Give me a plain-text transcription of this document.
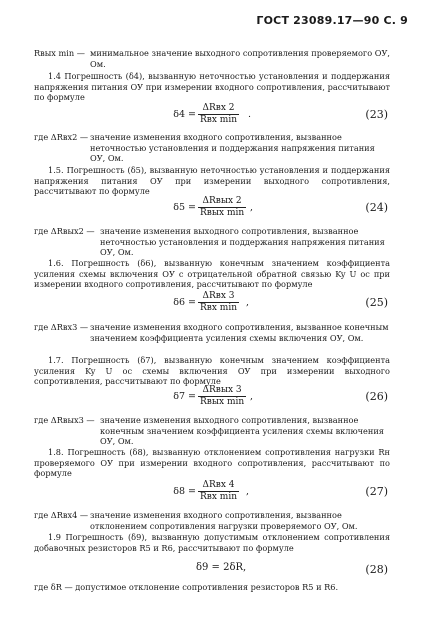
ГОСТ 23089.17—90 С. 9
Rвых min — минимальное значение выходного сопротивления проверяемого ОУ, Ом.
1.4 Погрешность (δ4), вызванную неточностью установления и поддержания напряжения питания ОУ при измерении входного сопротивления, рассчитывают по формуле
δ4 =
ΔRвх 2
Rвх min .	(23)
где ΔRвх2 — значение изменения входного сопротивления, вызванное неточностью установления и поддержания напряжения питания ОУ, Ом.
1.5. Погрешность (δ5), вызванную неточностью установления и поддержания напряжения питания ОУ при измерении выходного сопротивления, рассчитывают по формуле
δ5 =
ΔRвых 2
Rвых min ,	(24)
где ΔRвых2 — значение изменения выходного сопротивления, вызванное неточностью установления и поддержания напряжения питания ОУ, Ом.
1.6. Погрешность (δ6), вызванную конечным значением коэффициента усиления схемы включения ОУ с отрицательной обратной связью Ky U oc при измерении входного сопротивления, рассчитывают по формуле
δ6 =
ΔRвх 3
Rвх min ,	(25)
где ΔRвх3 — значение изменения входного сопротивления, вызванное конечным значением коэффициента усиления схемы включения ОУ, Ом.
1.7. Погрешность (δ7), вызванную конечным значением коэффициента усиления Ky U oc схемы включения ОУ при измерении выходного сопротивления, рассчитывают по формуле
δ7 =
ΔRвых 3
Rвых min ,	(26)
где ΔRвых3 — значение изменения выходного сопротивления, вызванное конечным значением коэффициента усиления схемы включения ОУ, Ом.
1.8. Погрешность (δ8), вызванную отклонением сопротивления нагрузки Rн проверяемого ОУ при измерении входного сопротивления, рассчитывают по формуле
δ8 =
ΔRвх 4
Rвх min ,	(27)
где ΔRвх4 — значение изменения входного сопротивления, вызванное отклонением сопротивления нагрузки проверяемого ОУ, Ом.
1.9 Погрешность (δ9), вызванную допустимым отклонением сопротивления добавочных резисторов R5 и R6, рассчитывают по формуле
δ9 = 2δR,	(28)
где δR — допустимое отклонение сопротивления резисторов R5 и R6.
